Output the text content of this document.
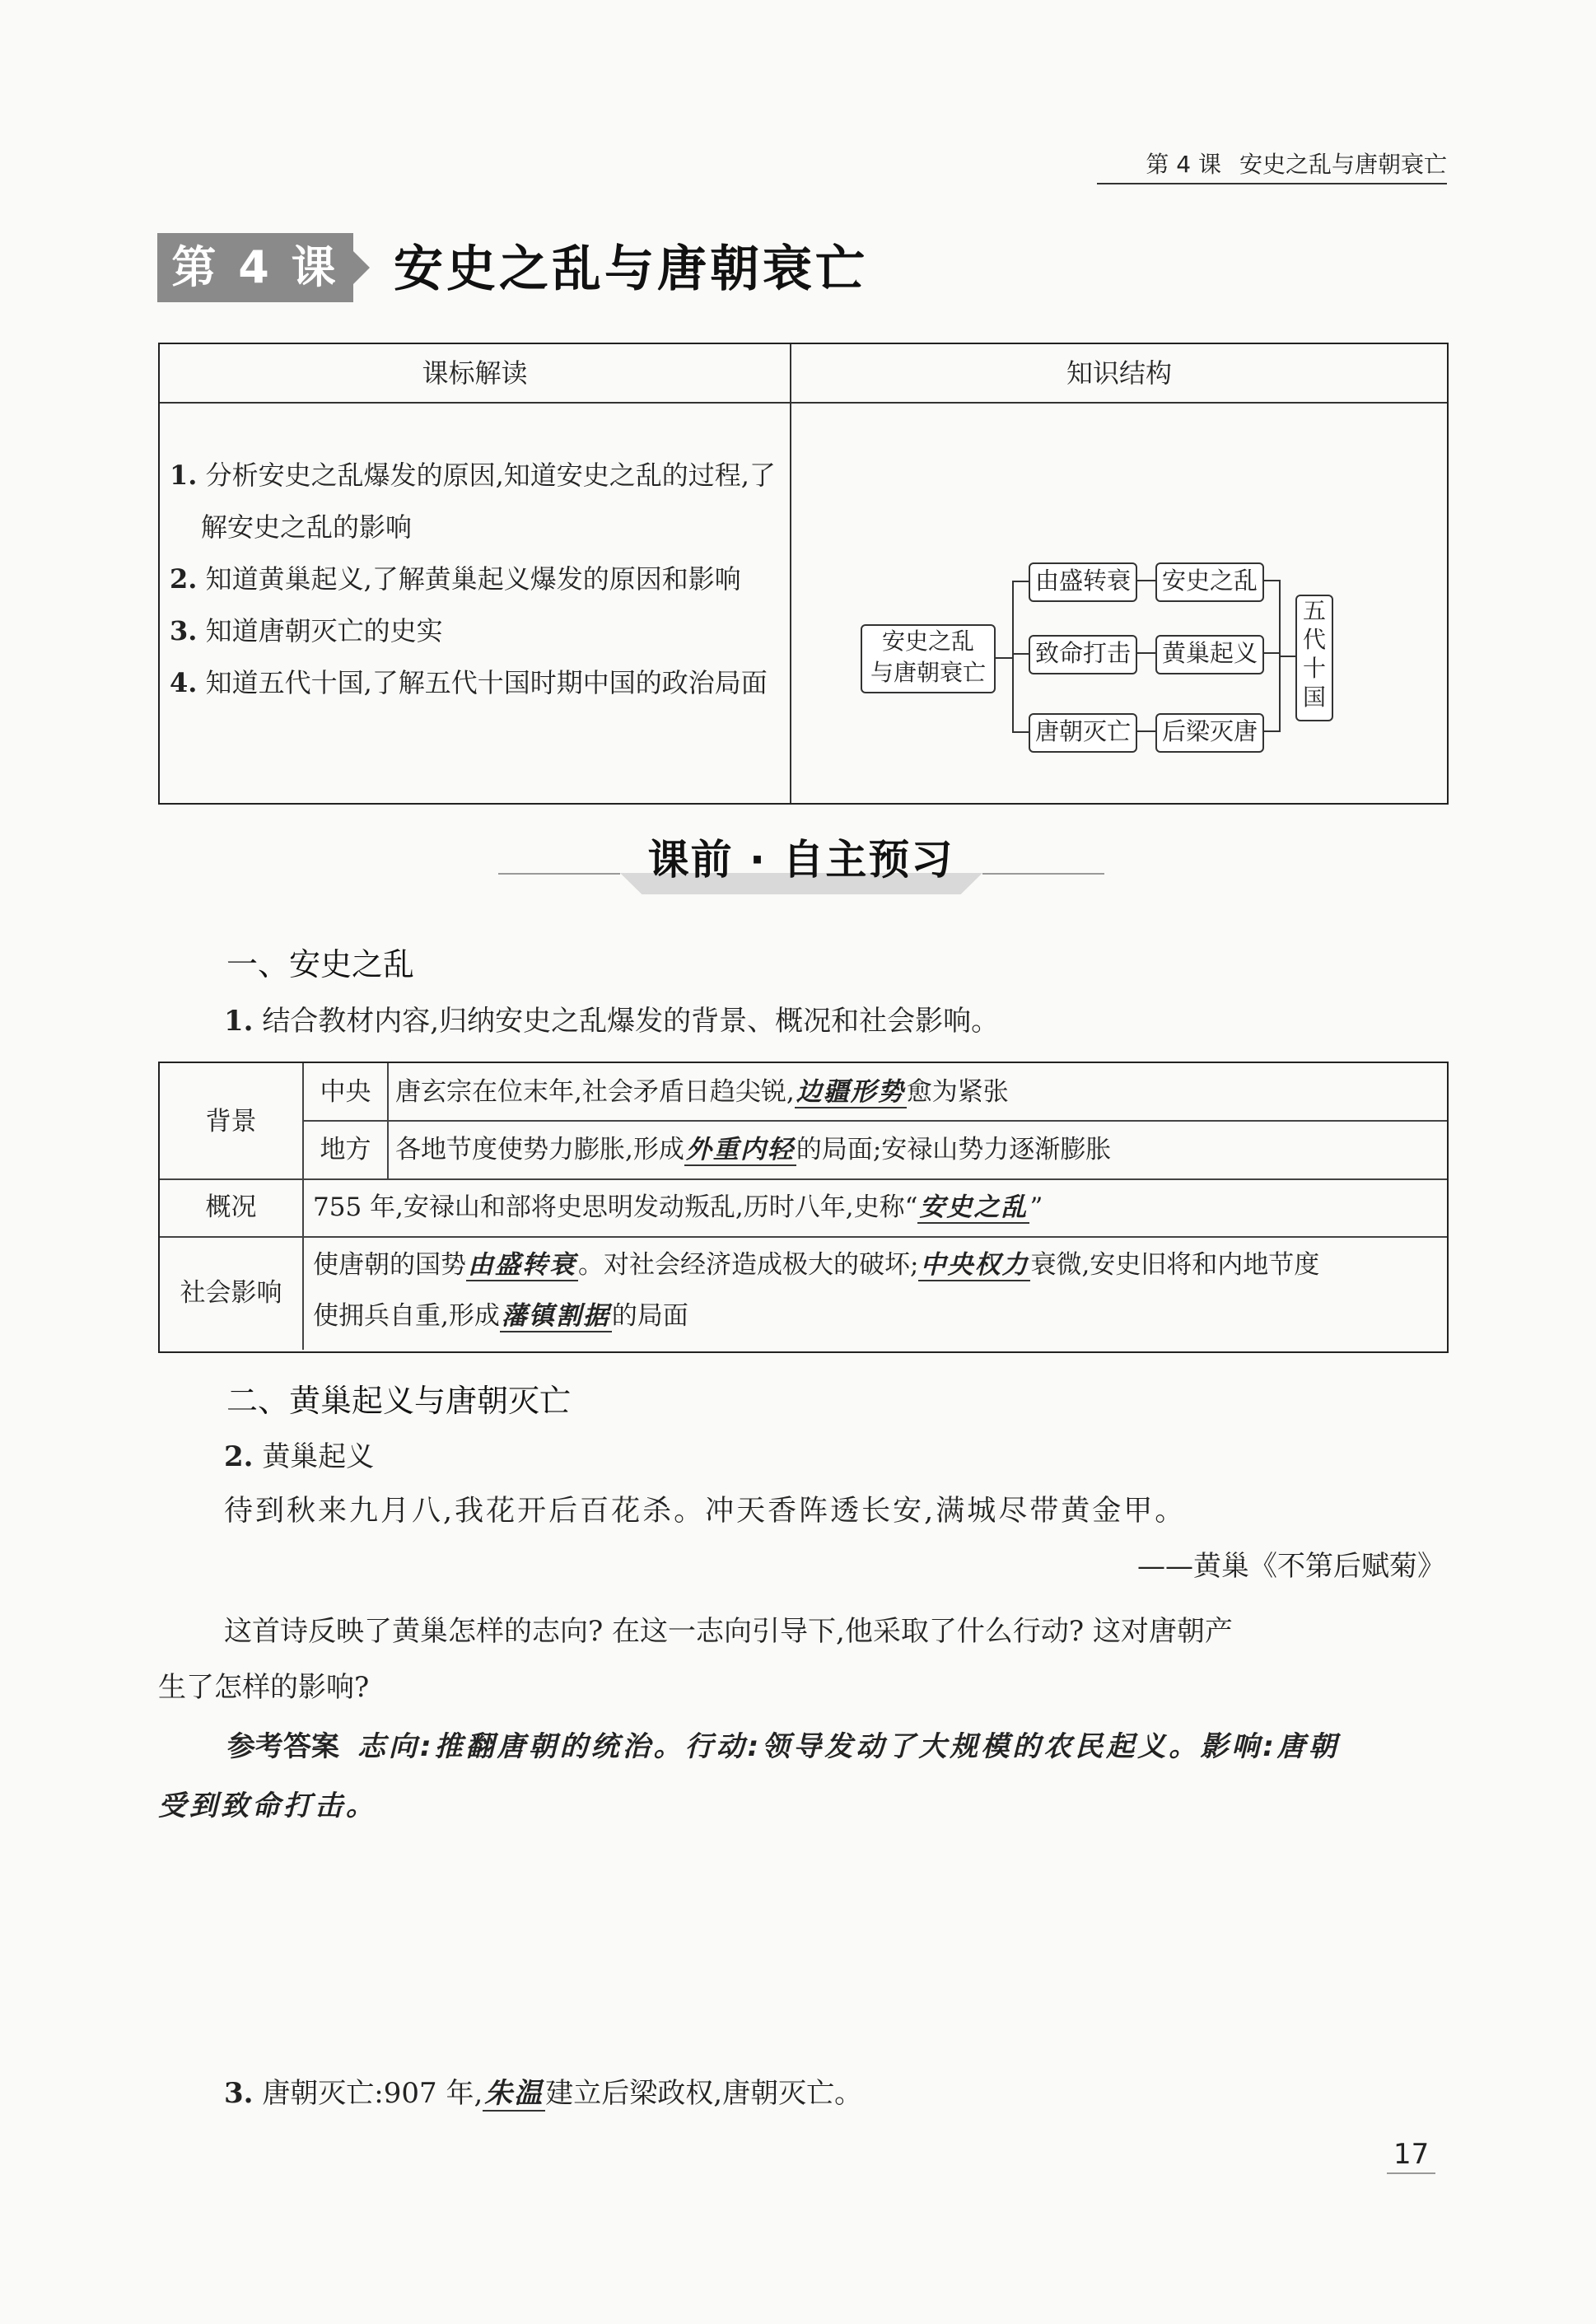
第 4 课 安史之乱与唐朝衰亡
第 4 课 安史之乱与唐朝衰亡
课标解读	知识结构
1. 分析安史之乱爆发的原因,知道安史之乱的过程,了解安史之乱的影响
2. 知道黄巢起义,了解黄巢起义爆发的原因和影响
3. 知道唐朝灭亡的史实
4. 知道五代十国,了解五代十国时期中国的政治局面
安史之乱
与唐朝衰亡
由盛转衰
致命打击
唐朝灭亡
安史之乱
黄巢起义
后梁灭唐
五
代
十
国
课前 · 自主预习
一、安史之乱
1. 结合教材内容,归纳安史之乱爆发的背景、概况和社会影响。
背景
中央 唐玄宗在位末年,社会矛盾日趋尖锐,边疆形势愈为紧张
地方 各地节度使势力膨胀,形成外重内轻的局面;安禄山势力逐渐膨胀
概况	755 年,安禄山和部将史思明发动叛乱,历时八年,史称“安史之乱”
社会影响
使唐朝的国势由盛转衰。对社会经济造成极大的破坏;中央权力衰微,安史旧将和内地节度
使拥兵自重,形成藩镇割据的局面
二、黄巢起义与唐朝灭亡
2. 黄巢起义
待到秋来九月八,我花开后百花杀。冲天香阵透长安,满城尽带黄金甲。
——黄巢《不第后赋菊》
这首诗反映了黄巢怎样的志向? 在这一志向引导下,他采取了什么行动? 这对唐朝产
生了怎样的影响?
参考答案 志向:推翻唐朝的统治。行动:领导发动了大规模的农民起义。影响:唐朝
受到致命打击。
3. 唐朝灭亡:907 年,朱温建立后梁政权,唐朝灭亡。
17
